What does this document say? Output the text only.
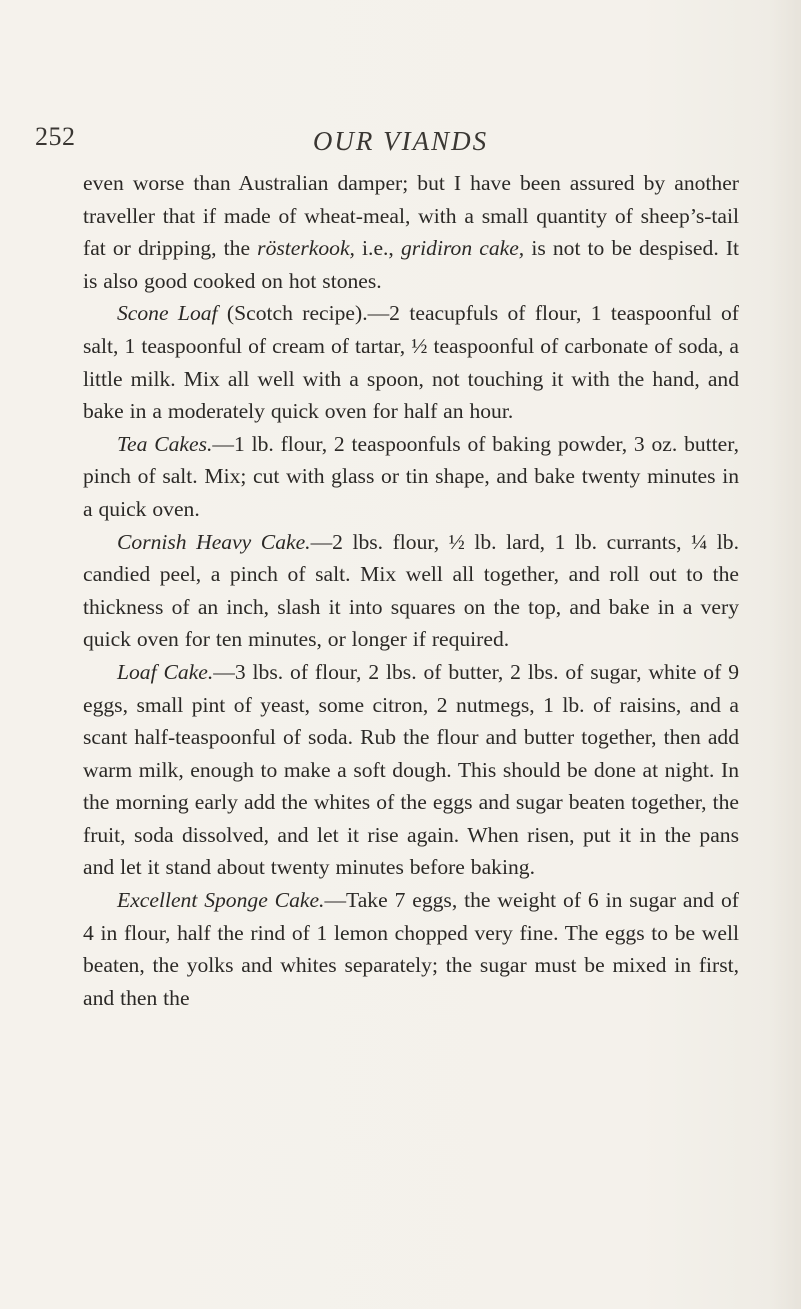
252	OUR VIANDS

even worse than Australian damper; but I have been assured by another traveller that if made of wheat-meal, with a small quantity of sheep’s-tail fat or dripping, the rösterkook, i.e., gridiron cake, is not to be despised. It is also good cooked on hot stones.

Scone Loaf (Scotch recipe).—2 teacupfuls of flour, 1 teaspoonful of salt, 1 teaspoonful of cream of tartar, ½ teaspoonful of carbonate of soda, a little milk. Mix all well with a spoon, not touching it with the hand, and bake in a moderately quick oven for half an hour.

Tea Cakes.—1 lb. flour, 2 teaspoonfuls of baking powder, 3 oz. butter, pinch of salt. Mix; cut with glass or tin shape, and bake twenty minutes in a quick oven.

Cornish Heavy Cake.—2 lbs. flour, ½ lb. lard, 1 lb. currants, ¼ lb. candied peel, a pinch of salt. Mix well all together, and roll out to the thickness of an inch, slash it into squares on the top, and bake in a very quick oven for ten minutes, or longer if required.

Loaf Cake.—3 lbs. of flour, 2 lbs. of butter, 2 lbs. of sugar, white of 9 eggs, small pint of yeast, some citron, 2 nutmegs, 1 lb. of raisins, and a scant half-teaspoonful of soda. Rub the flour and butter together, then add warm milk, enough to make a soft dough. This should be done at night. In the morning early add the whites of the eggs and sugar beaten together, the fruit, soda dissolved, and let it rise again. When risen, put it in the pans and let it stand about twenty minutes before baking.

Excellent Sponge Cake.—Take 7 eggs, the weight of 6 in sugar and of 4 in flour, half the rind of 1 lemon chopped very fine. The eggs to be well beaten, the yolks and whites separately; the sugar must be mixed in first, and then the
